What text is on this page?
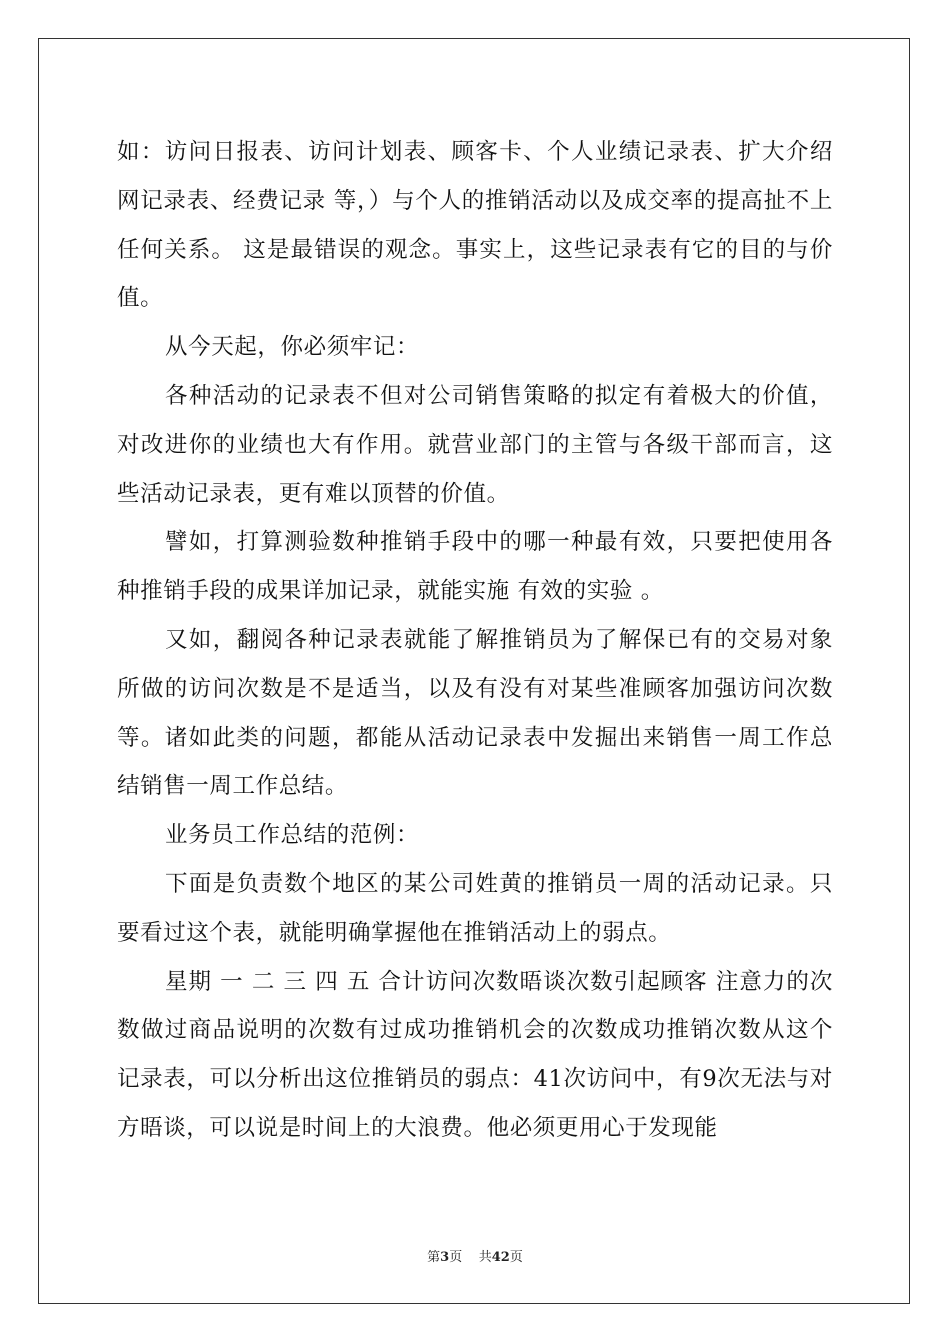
如：访问日报表、访问计划表、顾客卡、个人业绩记录表、扩大介绍网记录表、经费记录 等，）与个人的推销活动以及成交率的提高扯不上任何关系。 这是最错误的观念。事实上，这些记录表有它的目的与价值。

从今天起，你必须牢记：

各种活动的记录表不但对公司销售策略的拟定有着极大的价值，对改进你的业绩也大有作用。就营业部门的主管与各级干部而言，这些活动记录表，更有难以顶替的价值。

譬如，打算测验数种推销手段中的哪一种最有效，只要把使用各种推销手段的成果详加记录，就能实施 有效的实验 。

又如，翻阅各种记录表就能了解推销员为了解保已有的交易对象所做的访问次数是不是适当，以及有没有对某些准顾客加强访问次数等。诸如此类的问题，都能从活动记录表中发掘出来销售一周工作总结销售一周工作总结。

业务员工作总结的范例：

下面是负责数个地区的某公司姓黄的推销员一周的活动记录。只要看过这个表，就能明确掌握他在推销活动上的弱点。

星期 一 二 三 四 五 合计访问次数晤谈次数引起顾客 注意力的次数做过商品说明的次数有过成功推销机会的次数成功推销次数从这个记录表，可以分析出这位推销员的弱点：41次访问中，有9次无法与对方晤谈，可以说是时间上的大浪费。他必须更用心于发现能

第3页 共42页
